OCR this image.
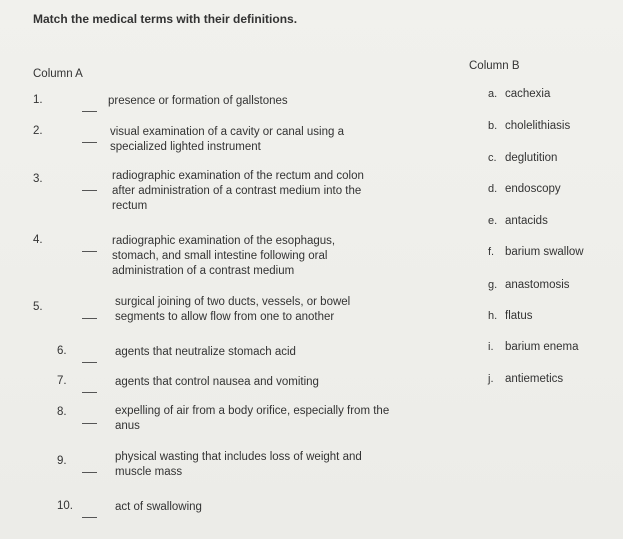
Match the medical terms with their definitions.
Column A
Column B
1.	presence or formation of gallstones
2.	visual examination of a cavity or canal using a specialized lighted instrument
3.	radiographic examination of the rectum and colon after administration of a contrast medium into the rectum
4.	radiographic examination of the esophagus, stomach, and small intestine following oral administration of a contrast medium
5.	surgical joining of two ducts, vessels, or bowel segments to allow flow from one to another
6.	agents that neutralize stomach acid
7.	agents that control nausea and vomiting
8.	expelling of air from a body orifice, especially from the anus
9.	physical wasting that includes loss of weight and muscle mass
10.	act of swallowing
a. cachexia
b. cholelithiasis
c. deglutition
d. endoscopy
e. antacids
f. barium swallow
g. anastomosis
h. flatus
i. barium enema
j. antiemetics
